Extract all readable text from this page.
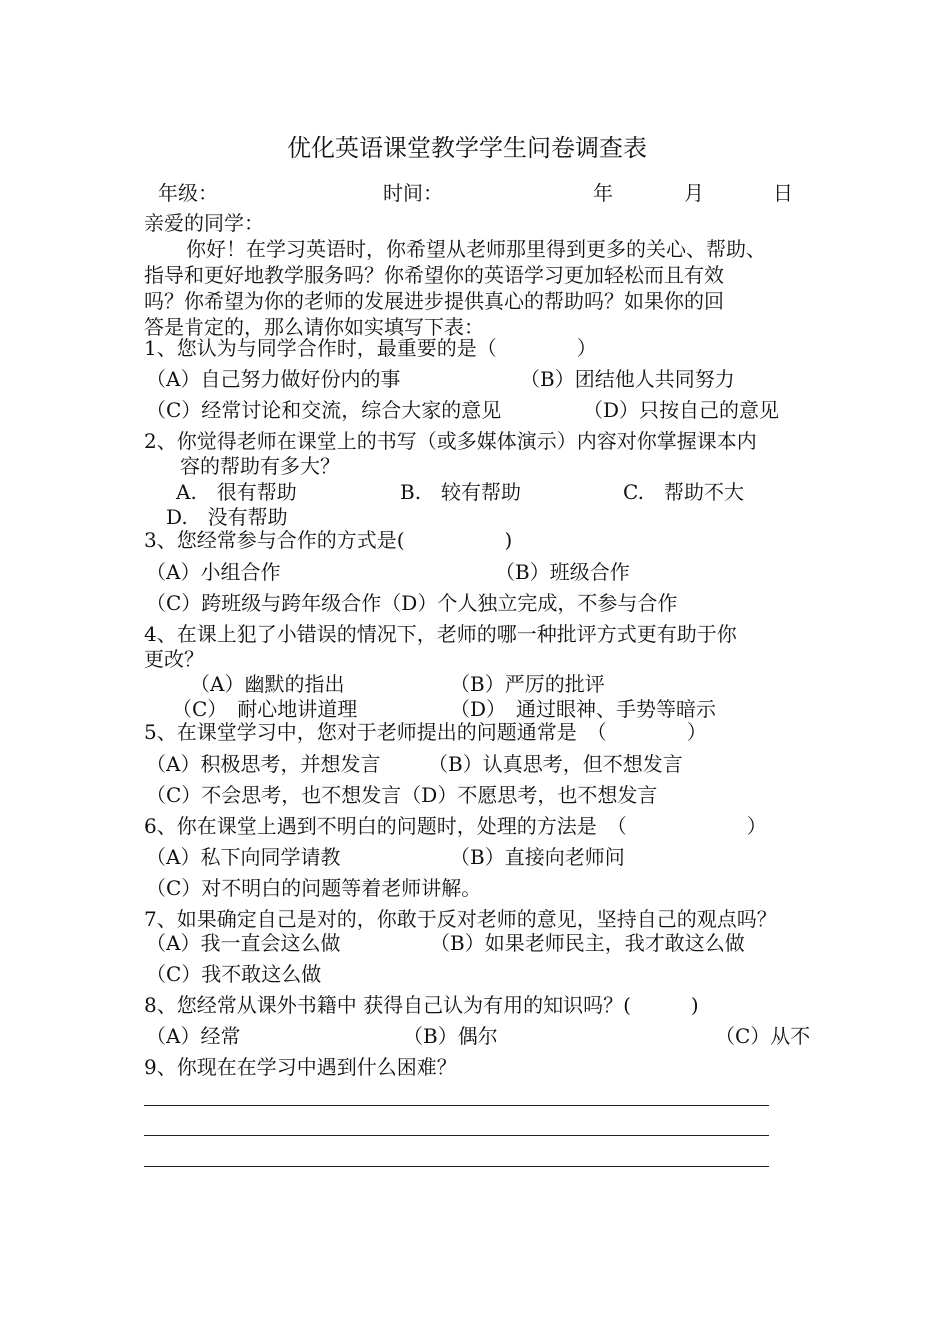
优化英语课堂教学学生问卷调查表
年级：	时间：	年	月	日
亲爱的同学：
你好！在学习英语时，你希望从老师那里得到更多的关心、帮助、
指导和更好地教学服务吗？你希望你的英语学习更加轻松而且有效
吗？你希望为你的老师的发展进步提供真心的帮助吗？如果你的回
答是肯定的，那么请你如实填写下表：
1、您认为与同学合作时，最重要的是（　　　　）
（A）自己努力做好份内的事	（B）团结他人共同努力
（C）经常讨论和交流，综合大家的意见	（D）只按自己的意见
2、你觉得老师在课堂上的书写（或多媒体演示）内容对你掌握课本内
容的帮助有多大？
A.　很有帮助	B.　较有帮助	C.　帮助不大
D.　没有帮助
3、您经常参与合作的方式是(　　　　　)
（A）小组合作	（B）班级合作
（C）跨班级与跨年级合作（D）个人独立完成，不参与合作
4、在课上犯了小错误的情况下，老师的哪一种批评方式更有助于你
更改？
（A）幽默的指出	（B）严厉的批评
（C）　耐心地讲道理	（D）　通过眼神、手势等暗示
5、在课堂学习中，您对于老师提出的问题通常是　（　　　　）
（A）积极思考，并想发言 （B）认真思考，但不想发言
（C）不会思考，也不想发言（D）不愿思考，也不想发言
6、你在课堂上遇到不明白的问题时，处理的方法是　（　　　　　　）
（A）私下向同学请教	（B）直接向老师问
（C）对不明白的问题等着老师讲解。
7、如果确定自己是对的，你敢于反对老师的意见，坚持自己的观点吗？
（A）我一直会这么做	（B）如果老师民主，我才敢这么做
（C）我不敢这么做
8、您经常从课外书籍中 获得自己认为有用的知识吗？(　　　)
（A）经常	（B）偶尔	（C）从不
9、你现在在学习中遇到什么困难？
